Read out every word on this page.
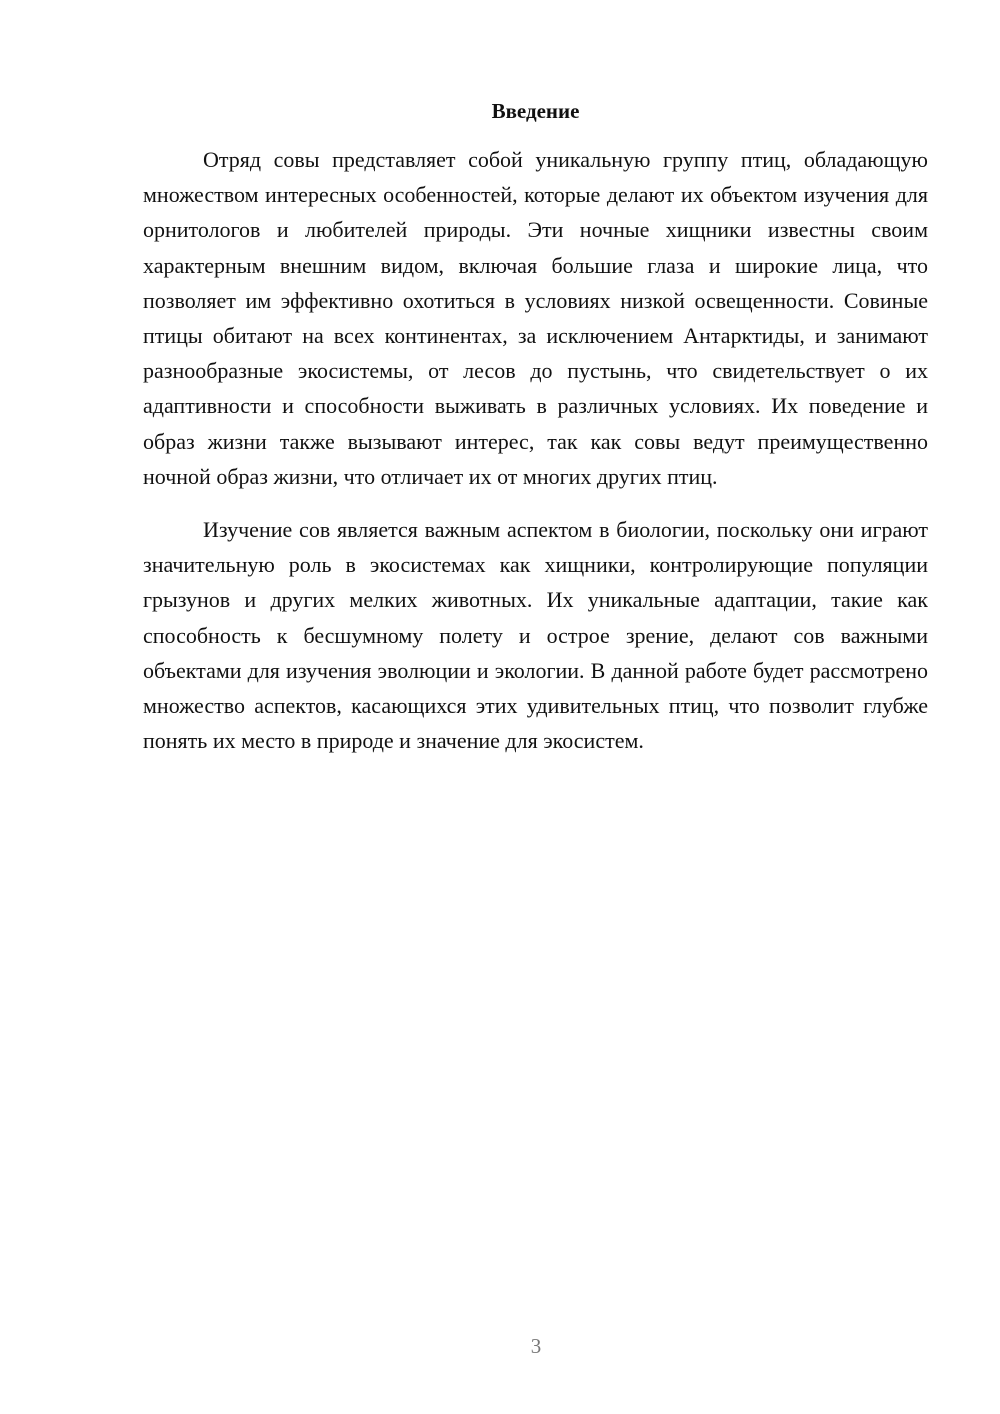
Введение

Отряд совы представляет собой уникальную группу птиц, обладающую множеством интересных особенностей, которые делают их объектом изучения для орнитологов и любителей природы. Эти ночные хищники известны своим характерным внешним видом, включая большие глаза и широкие лица, что позволяет им эффективно охотиться в условиях низкой освещенности. Совиные птицы обитают на всех континентах, за исключением Антарктиды, и занимают разнообразные экосистемы, от лесов до пустынь, что свидетельствует о их адаптивности и способности выживать в различных условиях. Их поведение и образ жизни также вызывают интерес, так как совы ведут преимущественно ночной образ жизни, что отличает их от многих других птиц.

Изучение сов является важным аспектом в биологии, поскольку они играют значительную роль в экосистемах как хищники, контролирующие популяции грызунов и других мелких животных. Их уникальные адаптации, такие как способность к бесшумному полету и острое зрение, делают сов важными объектами для изучения эволюции и экологии. В данной работе будет рассмотрено множество аспектов, касающихся этих удивительных птиц, что позволит глубже понять их место в природе и значение для экосистем.

3
